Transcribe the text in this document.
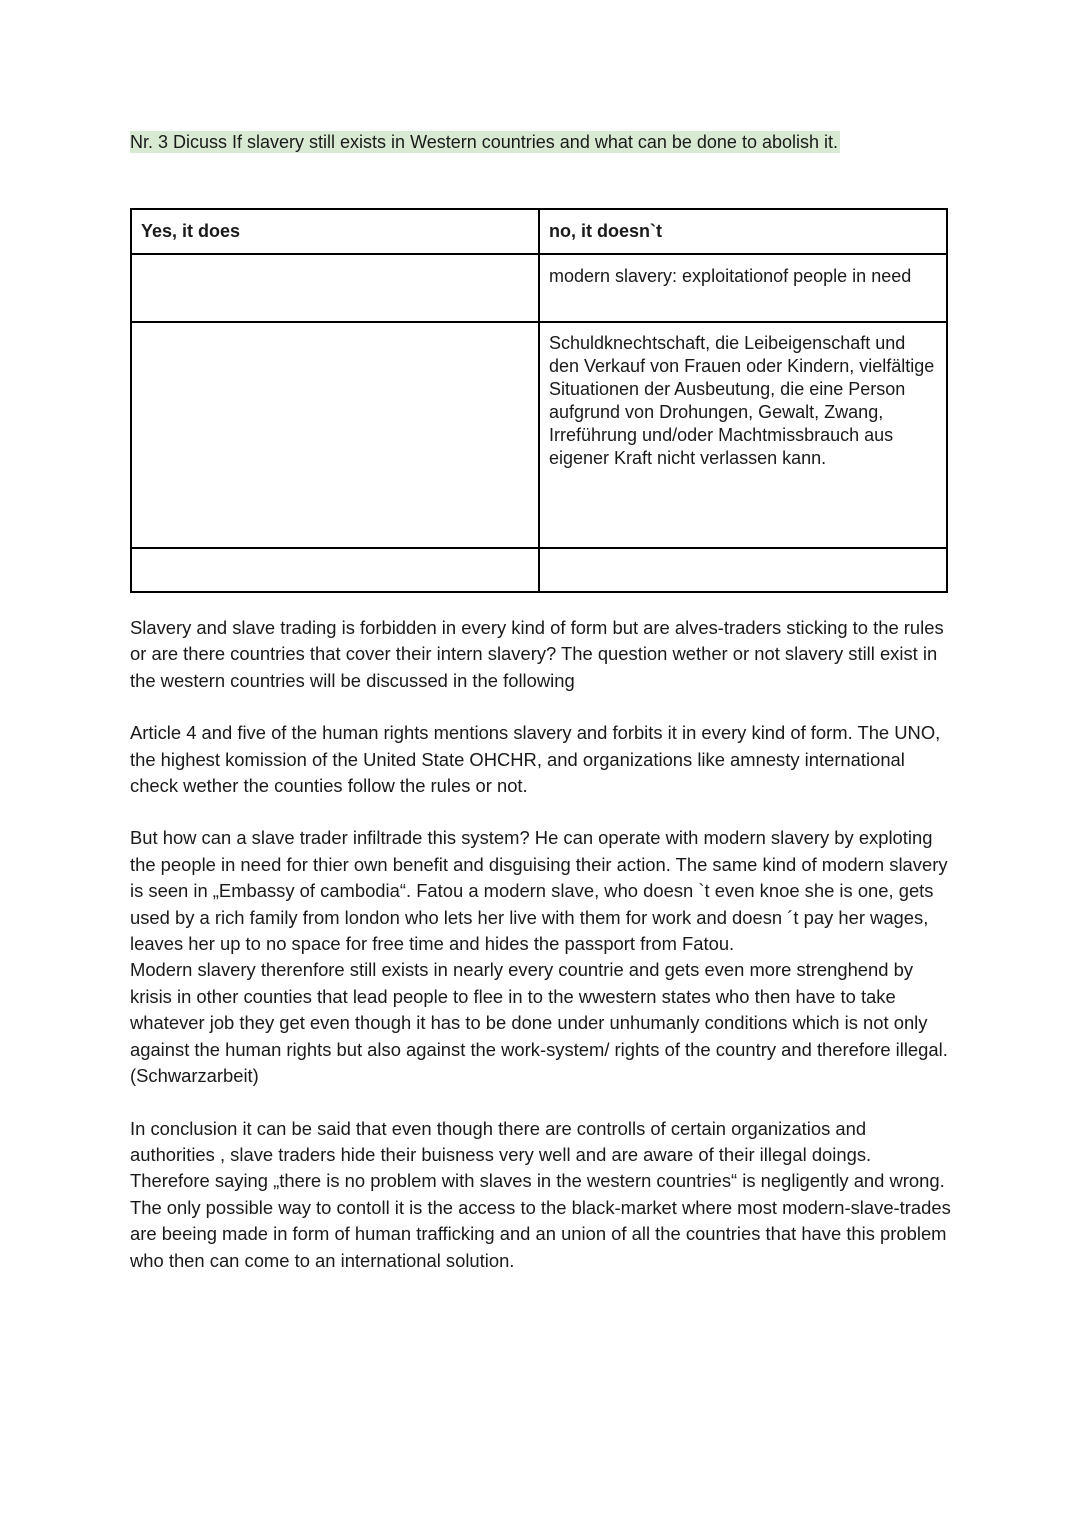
Nr. 3 Dicuss If slavery still exists in Western countries and what can be done to abolish it.
Yes, it does	no, it doesn`t
	modern slavery: exploitationof people in need
	Schuldknechtschaft, die Leibeigenschaft und den Verkauf von Frauen oder Kindern, vielfältige Situationen der Ausbeutung, die eine Person aufgrund von Drohungen, Gewalt, Zwang, Irreführung und/oder Machtmissbrauch aus eigener Kraft nicht verlassen kann.

Slavery and slave trading is forbidden in every kind of form but are alves-traders sticking to the rules or are there countries that cover their intern slavery? The question wether or not slavery still exist in the western countries will be discussed in the following

Article 4 and five of the human rights mentions slavery and forbits it in every kind of form. The UNO, the highest komission of the United State OHCHR, and organizations like amnesty international check wether the counties follow the rules or not.

But how can a slave trader infiltrade this system? He can operate with modern slavery by exploting the people in need for thier own benefit and disguising their action. The same kind of modern slavery is seen in „Embassy of cambodia“. Fatou a modern slave, who doesn `t even knoe she is one, gets used by a rich family from london who lets her live with them for work and doesn ´t pay her wages, leaves her up to no space for free time and hides the passport from Fatou.

Modern slavery therenfore still exists in nearly every countrie and gets even more strenghend by krisis in other counties that lead people to flee in to the wwestern states who then have to take whatever job they get even though it has to be done under unhumanly conditions which is not only against the human rights but also against the work-system/ rights of the country and therefore illegal. (Schwarzarbeit)

In conclusion it can be said that even though there are controlls of certain organizatios and authorities , slave traders hide their buisness very well and are aware of their illegal doings. Therefore saying „there is no problem with slaves in the western countries“ is negligently and wrong. The only possible way to contoll it is the access to the black-market where most modern-slave-trades are beeing made in form of human trafficking and an union of all the countries that have this problem who then can come to an international solution.
